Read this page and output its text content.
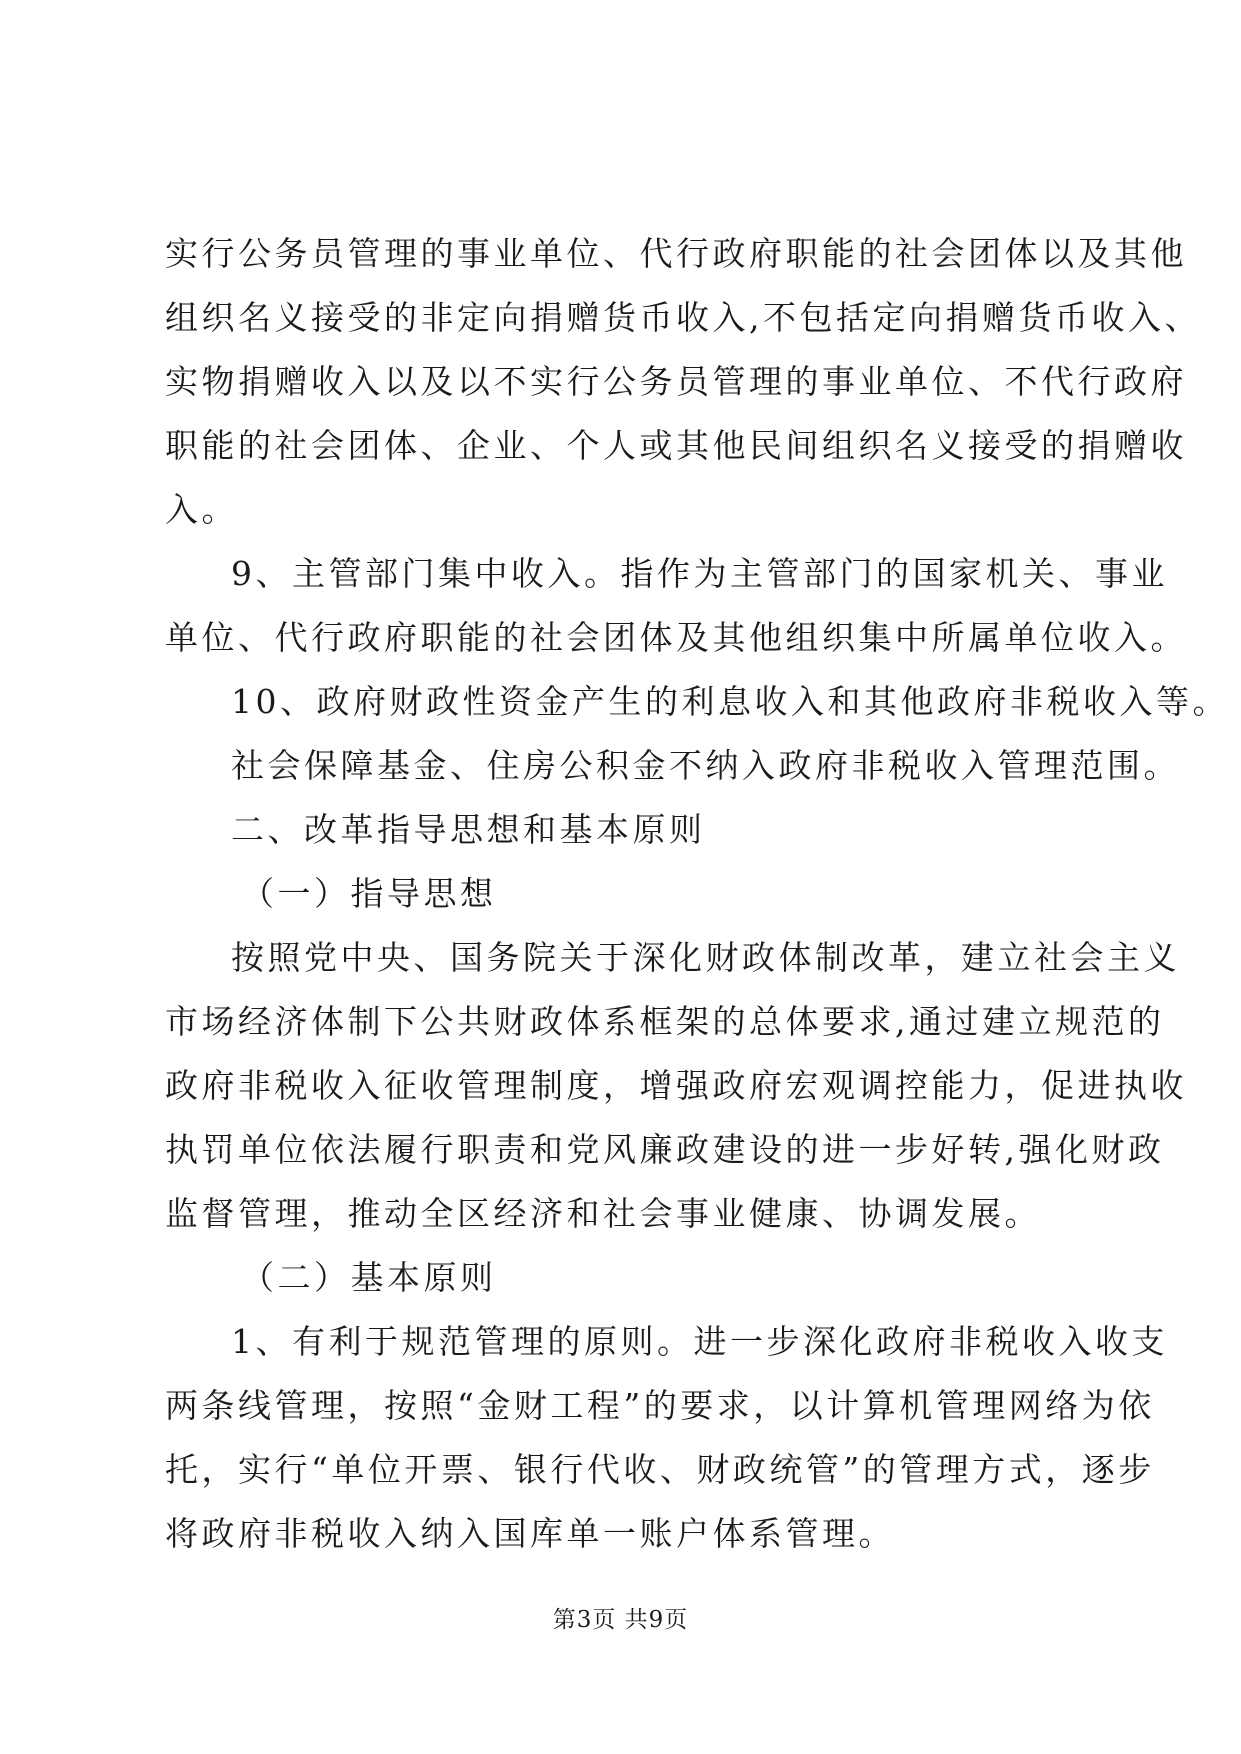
实行公务员管理的事业单位、代行政府职能的社会团体以及其他
组织名义接受的非定向捐赠货币收入,不包括定向捐赠货币收入、
实物捐赠收入以及以不实行公务员管理的事业单位、不代行政府
职能的社会团体、企业、个人或其他民间组织名义接受的捐赠收
入。
9、主管部门集中收入。指作为主管部门的国家机关、事业
单位、代行政府职能的社会团体及其他组织集中所属单位收入。
10、政府财政性资金产生的利息收入和其他政府非税收入等。
社会保障基金、住房公积金不纳入政府非税收入管理范围。
二、改革指导思想和基本原则
（一）指导思想
按照党中央、国务院关于深化财政体制改革，建立社会主义
市场经济体制下公共财政体系框架的总体要求,通过建立规范的
政府非税收入征收管理制度，增强政府宏观调控能力，促进执收
执罚单位依法履行职责和党风廉政建设的进一步好转,强化财政
监督管理，推动全区经济和社会事业健康、协调发展。
（二）基本原则
1、有利于规范管理的原则。进一步深化政府非税收入收支
两条线管理，按照“金财工程”的要求，以计算机管理网络为依
托，实行“单位开票、银行代收、财政统管”的管理方式，逐步
将政府非税收入纳入国库单一账户体系管理。
第3页 共9页
